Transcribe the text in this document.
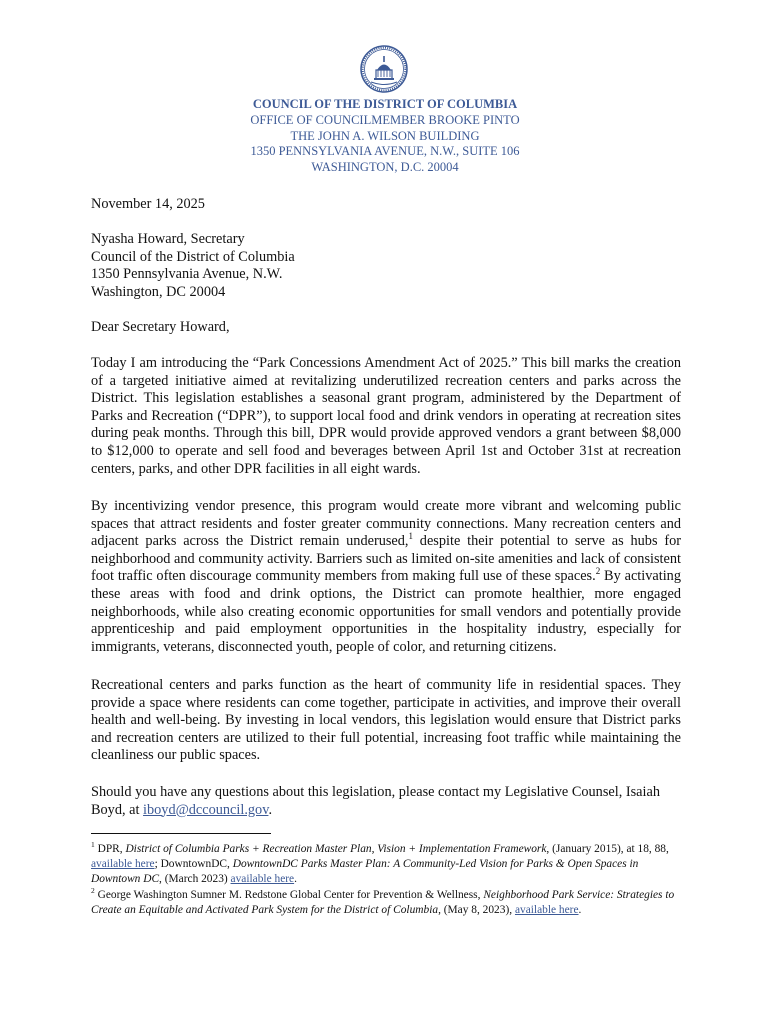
COUNCIL OF THE DISTRICT OF COLUMBIA
OFFICE OF COUNCILMEMBER BROOKE PINTO
THE JOHN A. WILSON BUILDING
1350 PENNSYLVANIA AVENUE, N.W., SUITE 106
WASHINGTON, D.C. 20004
November 14, 2025
Nyasha Howard, Secretary
Council of the District of Columbia
1350 Pennsylvania Avenue, N.W.
Washington, DC 20004
Dear Secretary Howard,

Today I am introducing the “Park Concessions Amendment Act of 2025.” This bill marks the creation of a targeted initiative aimed at revitalizing underutilized recreation centers and parks across the District. This legislation establishes a seasonal grant program, administered by the Department of Parks and Recreation (“DPR”), to support local food and drink vendors in operating at recreation sites during peak months. Through this bill, DPR would provide approved vendors a grant between $8,000 to $12,000 to operate and sell food and beverages between April 1st and October 31st at recreation centers, parks, and other DPR facilities in all eight wards.

By incentivizing vendor presence, this program would create more vibrant and welcoming public spaces that attract residents and foster greater community connections. Many recreation centers and adjacent parks across the District remain underused,$^1$ despite their potential to serve as hubs for neighborhood and community activity. Barriers such as limited on-site amenities and lack of consistent foot traffic often discourage community members from making full use of these spaces.$^2$ By activating these areas with food and drink options, the District can promote healthier, more engaged neighborhoods, while also creating economic opportunities for small vendors and potentially provide apprenticeship and paid employment opportunities in the hospitality industry, especially for immigrants, veterans, disconnected youth, people of color, and returning citizens.

Recreational centers and parks function as the heart of community life in residential spaces. They provide a space where residents can come together, participate in activities, and improve their overall health and well-being. By investing in local vendors, this legislation would ensure that District parks and recreation centers are utilized to their full potential, increasing foot traffic while maintaining the cleanliness our public spaces.

Should you have any questions about this legislation, please contact my Legislative Counsel, Isaiah Boyd, at iboyd@dccouncil.gov.

$^1$ DPR, District of Columbia Parks + Recreation Master Plan, Vision + Implementation Framework, (January 2015), at 18, 88, available here; DowntownDC, DowntownDC Parks Master Plan: A Community-Led Vision for Parks & Open Spaces in Downtown DC, (March 2023) available here.

$^2$ George Washington Sumner M. Redstone Global Center for Prevention & Wellness, Neighborhood Park Service: Strategies to Create an Equitable and Activated Park System for the District of Columbia, (May 8, 2023), available here.
